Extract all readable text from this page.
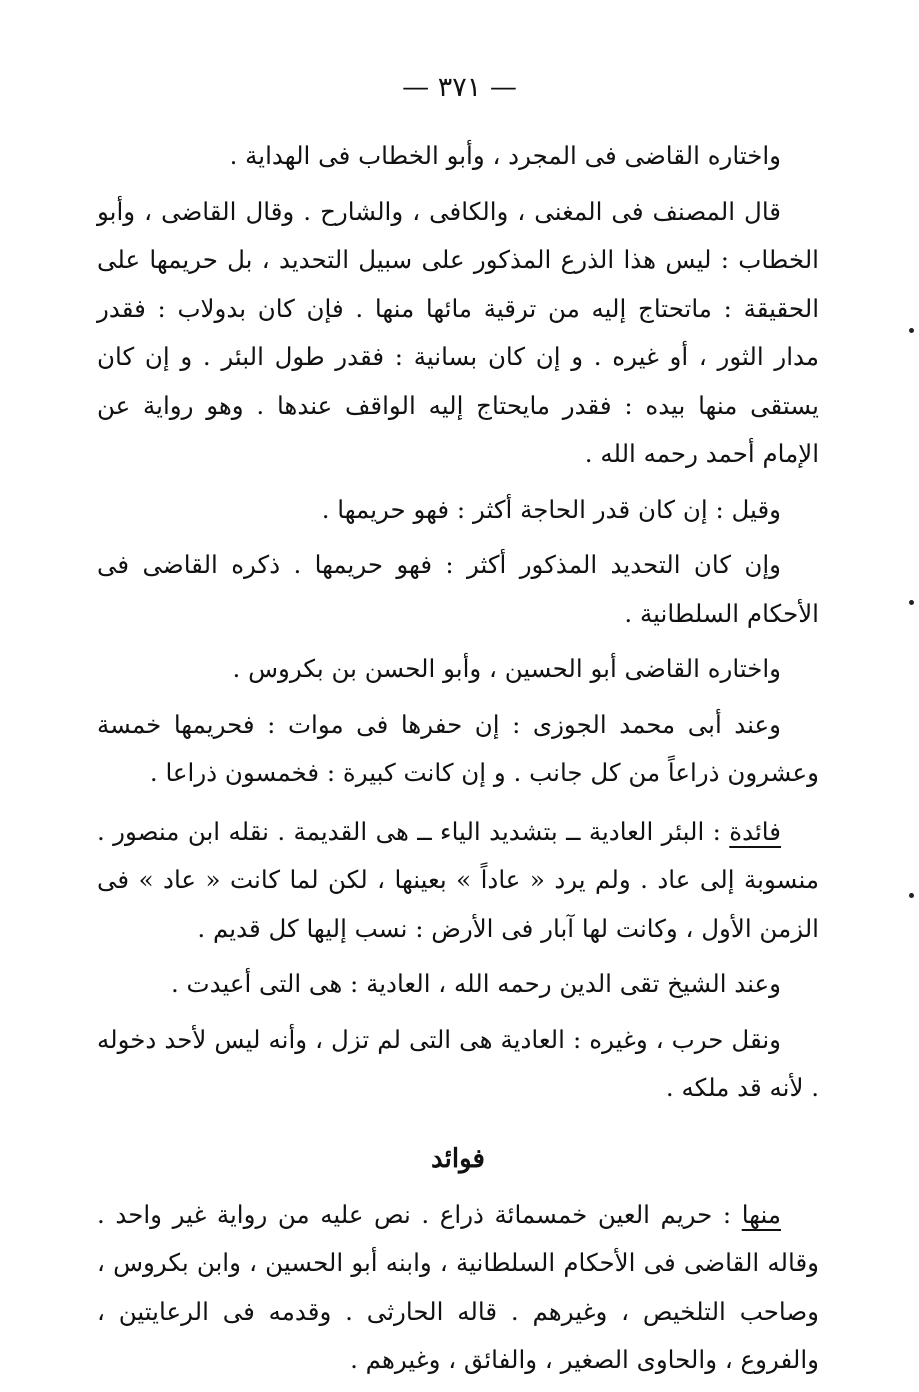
— ٣٧١ —

واختاره القاضى فى المجرد ، وأبو الخطاب فى الهداية .

قال المصنف فى المغنى ، والكافى ، والشارح . وقال القاضى ، وأبو الخطاب : ليس هذا الذرع المذكور على سبيل التحديد ، بل حريمها على الحقيقة : ماتحتاج إليه من ترقية مائها منها . فإن كان بدولاب : فقدر مدار الثور ، أو غيره . و إن كان بسانية : فقدر طول البئر . و إن كان يستقى منها بيده : فقدر مايحتاج إليه الواقف عندها . وهو رواية عن الإمام أحمد رحمه الله .

وقيل : إن كان قدر الحاجة أكثر : فهو حريمها .

وإن كان التحديد المذكور أكثر : فهو حريمها . ذكره القاضى فى الأحكام السلطانية .

واختاره القاضى أبو الحسين ، وأبو الحسن بن بكروس .

وعند أبى محمد الجوزى : إن حفرها فى موات : فحريمها خمسة وعشرون ذراعاً من كل جانب . و إن كانت كبيرة : فخمسون ذراعا .

فائدة : البئر العادية ــ بتشديد الياء ــ هى القديمة . نقله ابن منصور . منسوبة إلى عاد . ولم يرد « عاداً » بعينها ، لكن لما كانت « عاد » فى الزمن الأول ، وكانت لها آبار فى الأرض : نسب إليها كل قديم .

وعند الشيخ تقى الدين رحمه الله ، العادية : هى التى أعيدت .

ونقل حرب ، وغيره : العادية هى التى لم تزل ، وأنه ليس لأحد دخوله . لأنه قد ملكه .

فوائد

منها : حريم العين خمسمائة ذراع . نص عليه من رواية غير واحد . وقاله القاضى فى الأحكام السلطانية ، وابنه أبو الحسين ، وابن بكروس ، وصاحب التلخيص ، وغيرهم . قاله الحارثى . وقدمه فى الرعايتين ، والفروع ، والحاوى الصغير ، والفائق ، وغيرهم .
